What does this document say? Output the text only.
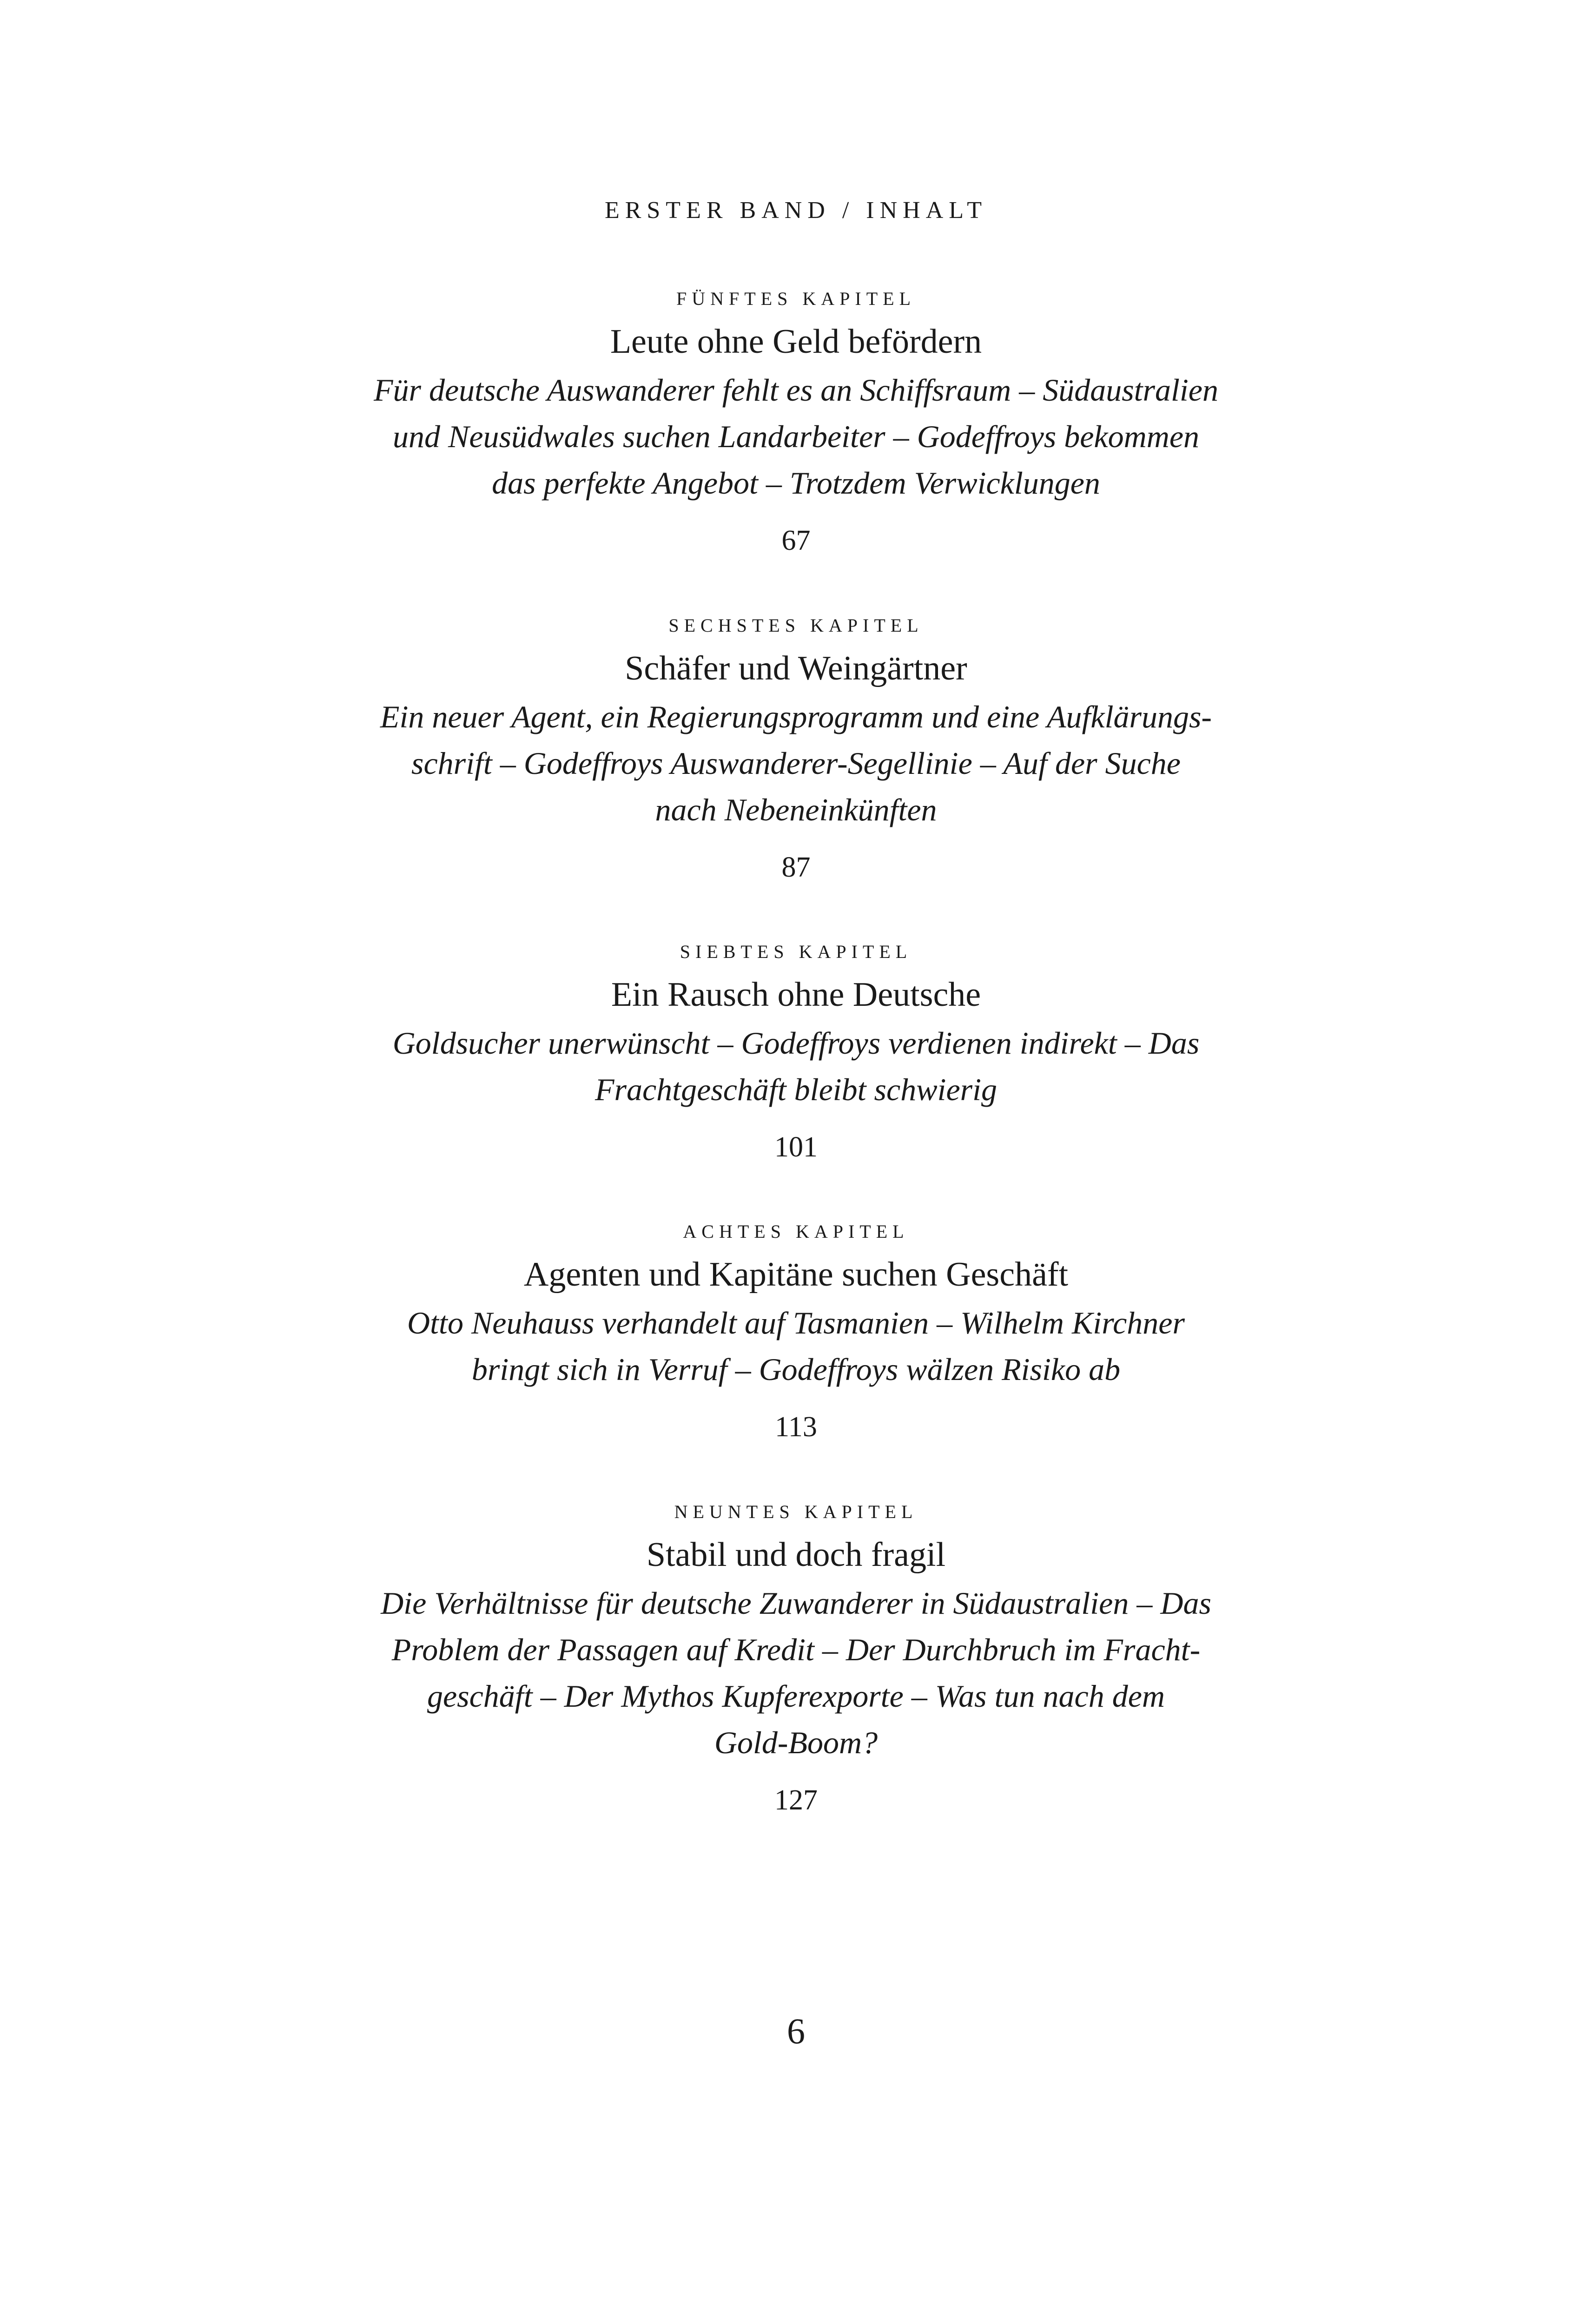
ERSTER BAND / INHALT
FÜNFTES KAPITEL
Leute ohne Geld befördern
Für deutsche Auswanderer fehlt es an Schiffsraum – Südaustralien
und Neusüdwales suchen Landarbeiter – Godeffroys bekommen
das perfekte Angebot – Trotzdem Verwicklungen
67
SECHSTES KAPITEL
Schäfer und Weingärtner
Ein neuer Agent, ein Regierungsprogramm und eine Aufklärungs-
schrift – Godeffroys Auswanderer-Segellinie – Auf der Suche
nach Nebeneinkünften
87
SIEBTES KAPITEL
Ein Rausch ohne Deutsche
Goldsucher unerwünscht – Godeffroys verdienen indirekt – Das
Frachtgeschäft bleibt schwierig
101
ACHTES KAPITEL
Agenten und Kapitäne suchen Geschäft
Otto Neuhauss verhandelt auf Tasmanien – Wilhelm Kirchner
bringt sich in Verruf – Godeffroys wälzen Risiko ab
113
NEUNTES KAPITEL
Stabil und doch fragil
Die Verhältnisse für deutsche Zuwanderer in Südaustralien – Das
Problem der Passagen auf Kredit – Der Durchbruch im Fracht-
geschäft – Der Mythos Kupferexporte – Was tun nach dem
Gold-Boom?
127
6
